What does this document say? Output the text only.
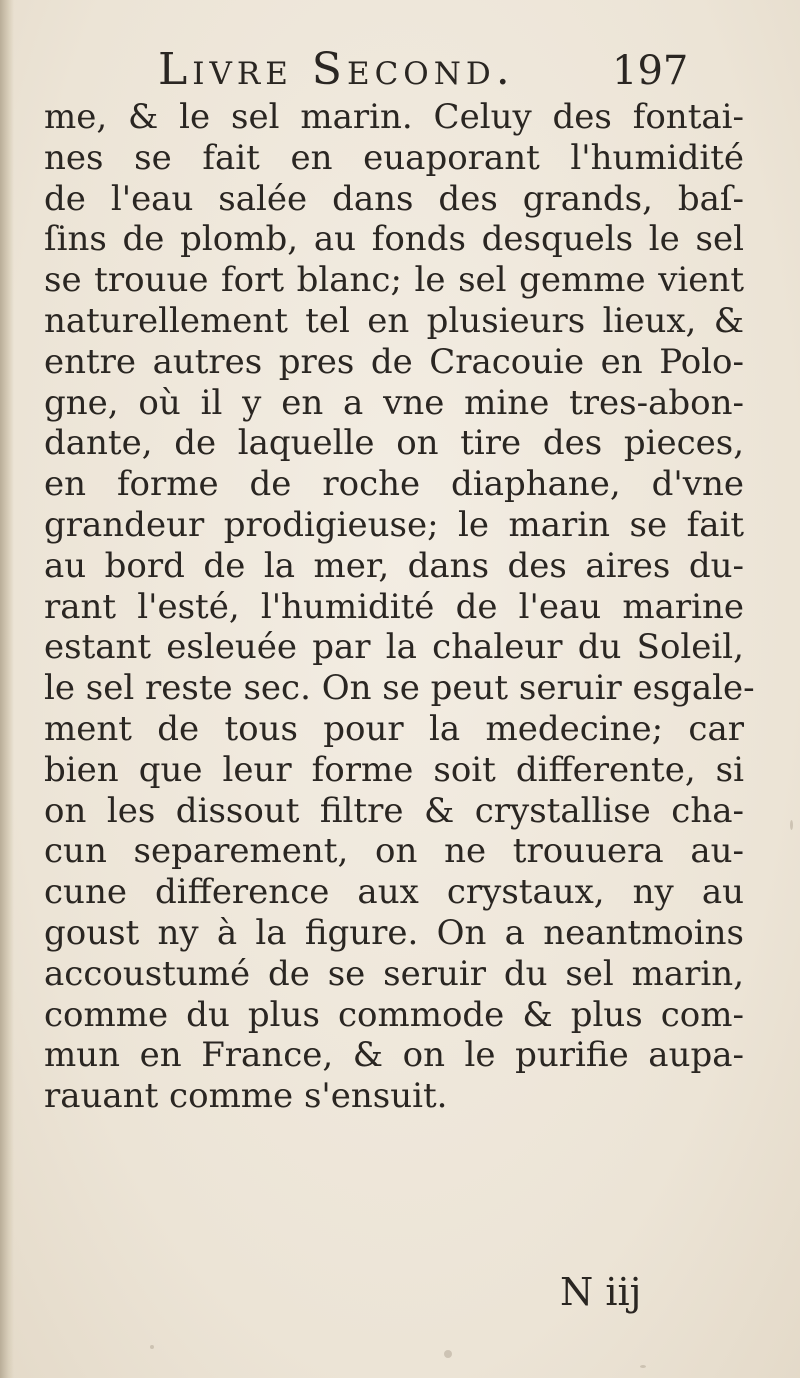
Livre Second. 197
me, & le sel marin. Celuy des fontai-
nes se fait en euaporant l'humidité
de l'eau salée dans des grands, baſ-
ſins de plomb, au fonds desquels le sel
se trouue fort blanc; le sel gemme vient
naturellement tel en plusieurs lieux, &
entre autres pres de Cracouie en Polo-
gne, où il y en a vne mine tres-abon-
dante, de laquelle on tire des pieces,
en forme de roche diaphane, d'vne
grandeur prodigieuse; le marin se fait
au bord de la mer, dans des aires du-
rant l'esté, l'humidité de l'eau marine
estant esleuée par la chaleur du Soleil,
le sel reste sec. On se peut seruir esgale-
ment de tous pour la medecine; car
bien que leur forme soit differente, si
on les dissout filtre & crystallise cha-
cun separement, on ne trouuera au-
cune difference aux crystaux, ny au
goust ny à la figure. On a neantmoins
accoustumé de se seruir du sel marin,
comme du plus commode & plus com-
mun en France, & on le purifie aupa-
rauant comme s'ensuit.
N iij
